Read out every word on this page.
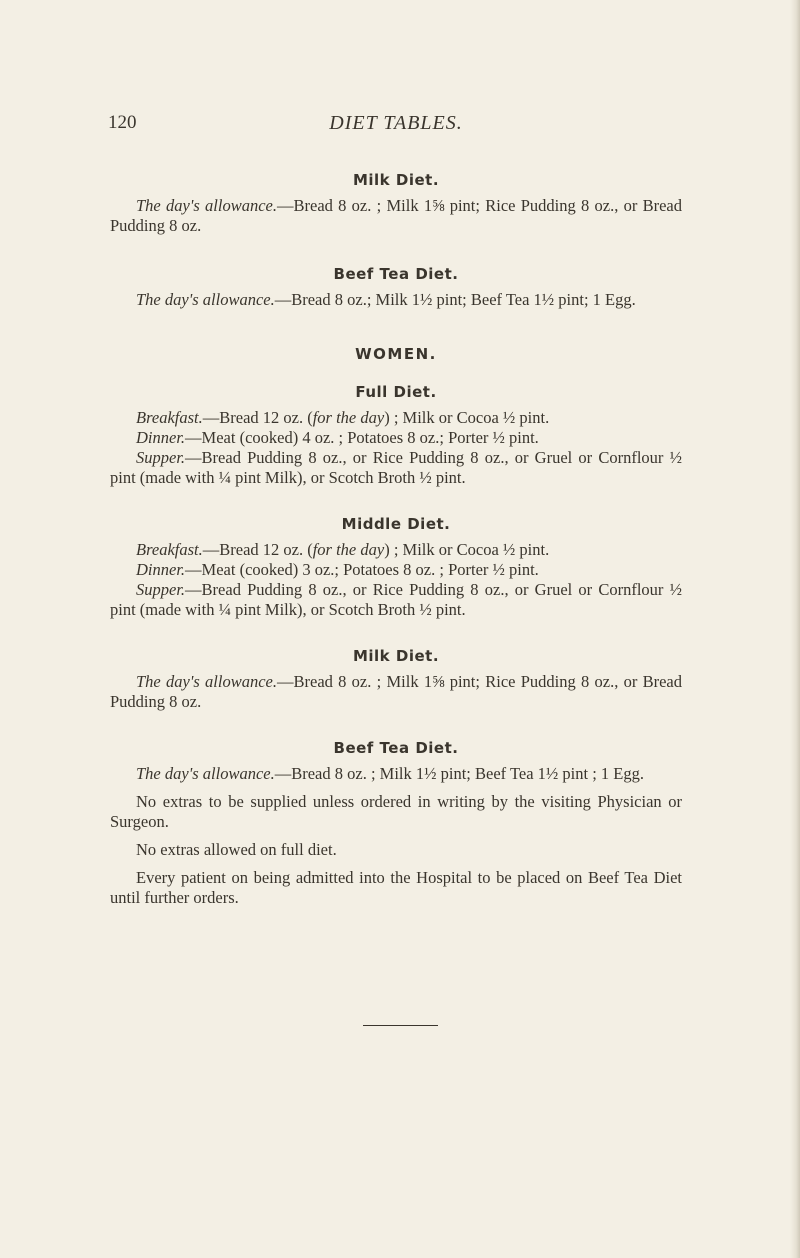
120	DIET TABLES.
Milk Diet.

The day's allowance.—Bread 8 oz. ; Milk 1⅝ pint; Rice Pudding 8 oz., or Bread Pudding 8 oz.

Beef Tea Diet.

The day's allowance.—Bread 8 oz.; Milk 1½ pint; Beef Tea 1½ pint; 1 Egg.

WOMEN.
Full Diet.
Breakfast.—Bread 12 oz. (for the day) ; Milk or Cocoa ½ pint.
Dinner.—Meat (cooked) 4 oz. ; Potatoes 8 oz.; Porter ½ pint.
Supper.—Bread Pudding 8 oz., or Rice Pudding 8 oz., or Gruel or Cornflour ½ pint (made with ¼ pint Milk), or Scotch Broth ½ pint.
Middle Diet.
Breakfast.—Bread 12 oz. (for the day) ; Milk or Cocoa ½ pint.
Dinner.—Meat (cooked) 3 oz.; Potatoes 8 oz. ; Porter ½ pint.
Supper.—Bread Pudding 8 oz., or Rice Pudding 8 oz., or Gruel or Cornflour ½ pint (made with ¼ pint Milk), or Scotch Broth ½ pint.
Milk Diet.

The day's allowance.—Bread 8 oz. ; Milk 1⅝ pint; Rice Pudding 8 oz., or Bread Pudding 8 oz.

Beef Tea Diet.

The day's allowance.—Bread 8 oz. ; Milk 1½ pint; Beef Tea 1½ pint ; 1 Egg.

No extras to be supplied unless ordered in writing by the visiting Physician or Surgeon.

No extras allowed on full diet.

Every patient on being admitted into the Hospital to be placed on Beef Tea Diet until further orders.
